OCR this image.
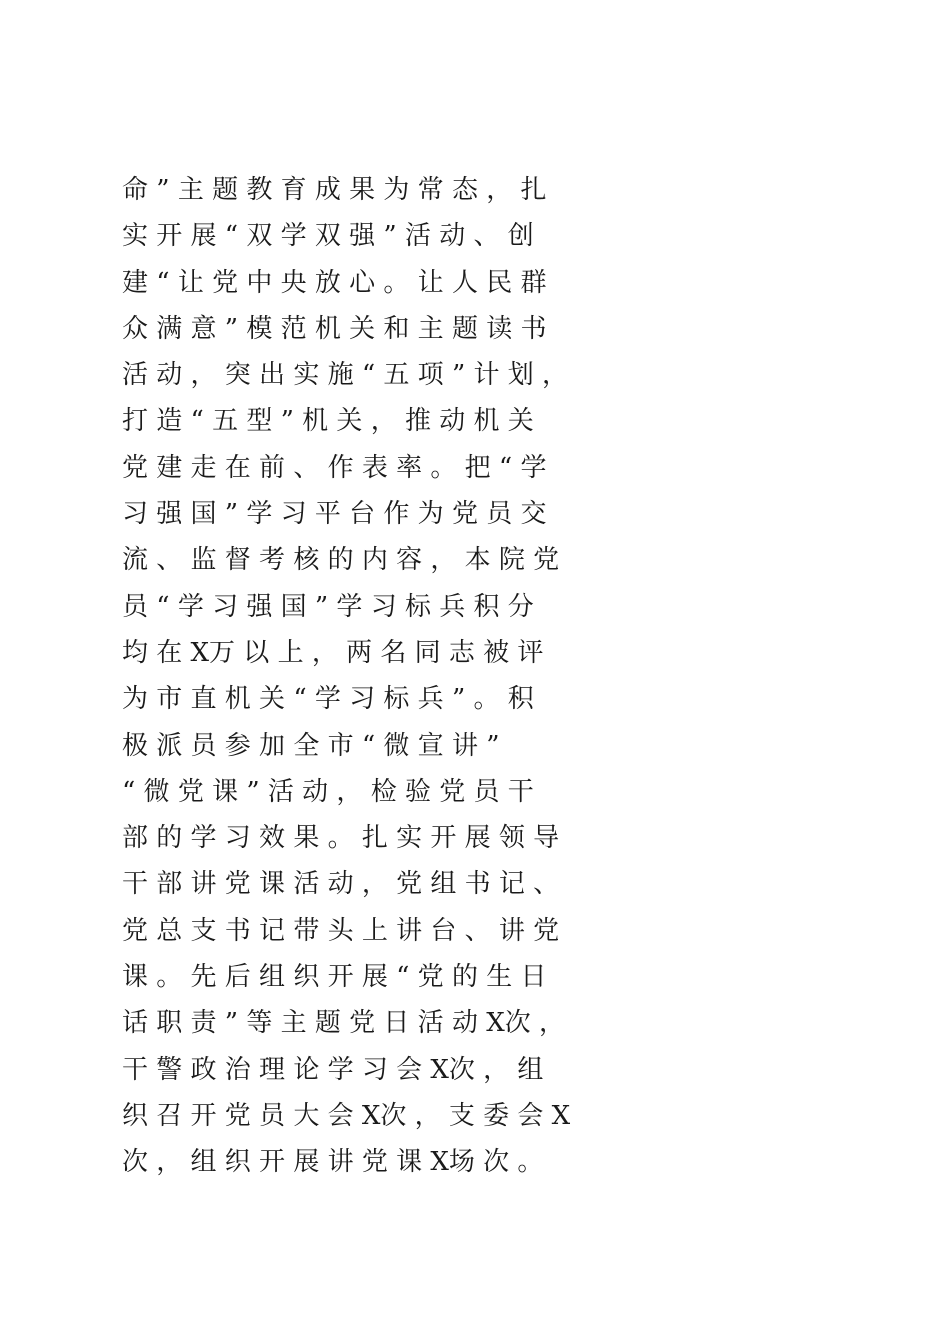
命 ” 主 题 教 育 成 果 为 常 态 ， 扎
实 开 展 “ 双 学 双 强 ” 活 动 、 创
建 “ 让 党 中 央 放 心 。 让 人 民 群
众 满 意 ” 模 范 机 关 和 主 题 读 书
活 动 ， 突 出 实 施 “ 五 项 ” 计 划 ，
打 造 “ 五 型 ” 机 关 ， 推 动 机 关
党 建 走 在 前 、 作 表 率 。 把 “ 学
习 强 国 ” 学 习 平 台 作 为 党 员 交
流 、 监 督 考 核 的 内 容 ， 本 院 党
员 “ 学 习 强 国 ” 学 习 标 兵 积 分
均 在 X万 以 上 ， 两 名 同 志 被 评
为 市 直 机 关 “ 学 习 标 兵 ” 。 积
极 派 员 参 加 全 市 “ 微 宣 讲 ”
“ 微 党 课 ” 活 动 ， 检 验 党 员 干
部 的 学 习 效 果 。 扎 实 开 展 领 导
干 部 讲 党 课 活 动 ， 党 组 书 记 、
党 总 支 书 记 带 头 上 讲 台 、 讲 党
课 。 先 后 组 织 开 展 “ 党 的 生 日
话 职 责 ” 等 主 题 党 日 活 动 X次 ，
干 警 政 治 理 论 学 习 会 X次 ， 组
织 召 开 党 员 大 会 X次 ， 支 委 会 X
次 ， 组 织 开 展 讲 党 课 X场 次 。
